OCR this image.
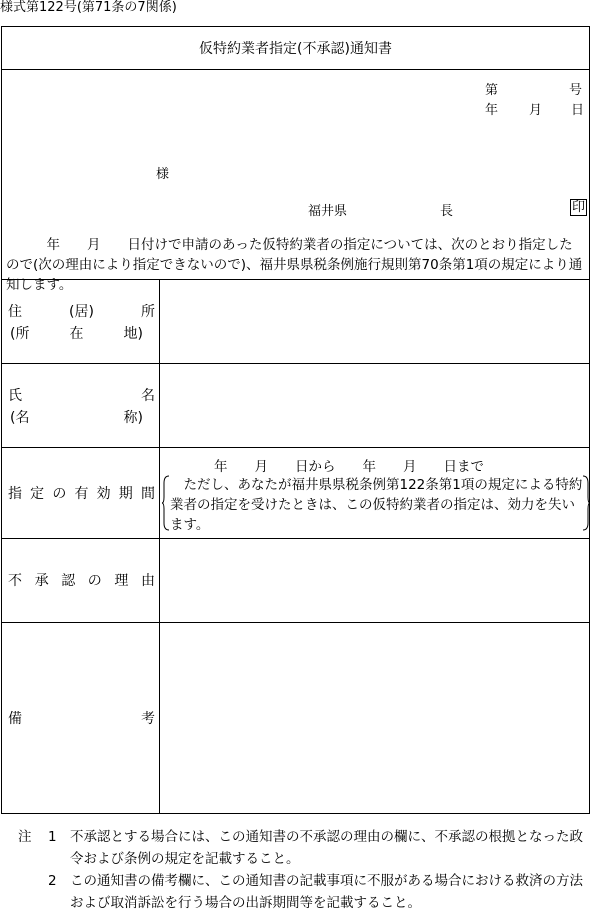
様式第122号(第71条の7関係)
仮特約業者指定(不承認)通知書
第	号
年 月 日
様
福井県	長	印
　　　年　　月　　日付けで申請のあった仮特約業者の指定については、次のとおり指定したので(次の理由により指定できないので)、福井県県税条例施行規則第70条第1項の規定により通知します。
住	(居)	所
(所	在	地)
氏	名
(名	称)
指 定 の 有 効 期 間
年　　月　　日から　　年　　月　　日まで
ただし、あなたが福井県県税条例第122条第1項の規定による特約業者の指定を受けたときは、この仮特約業者の指定は、効力を失います。
不 承 認 の 理 由
備	考
注	1 不承認とする場合には、この通知書の不承認の理由の欄に、不承認の根拠となった政令および条例の規定を記載すること。
2 この通知書の備考欄に、この通知書の記載事項に不服がある場合における救済の方法および取消訴訟を行う場合の出訴期間等を記載すること。
